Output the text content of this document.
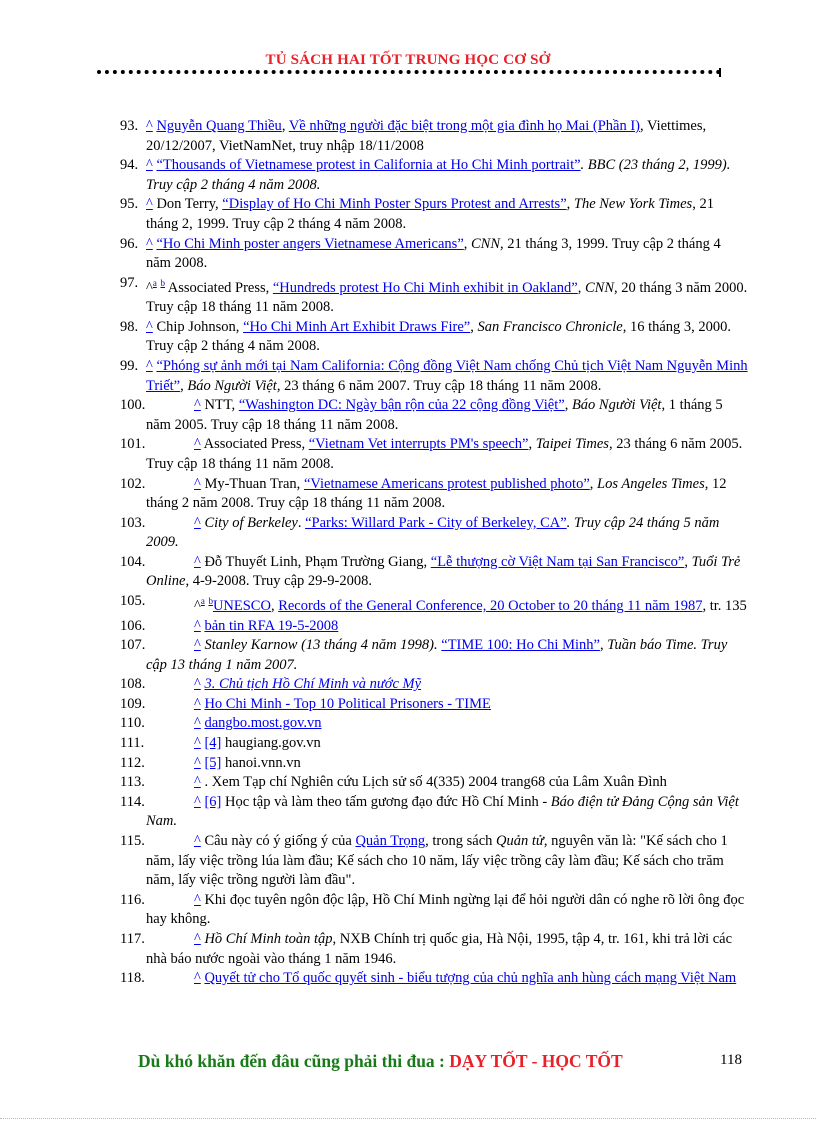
TỦ SÁCH HAI TỐT TRUNG HỌC CƠ SỞ
93. ^ Nguyễn Quang Thiều, Về những người đặc biệt trong một gia đình họ Mai (Phần I), Viettimes, 20/12/2007, VietNamNet, truy nhập 18/11/2008
94. ^ “Thousands of Vietnamese protest in California at Ho Chi Minh portrait”. BBC (23 tháng 2, 1999). Truy cập 2 tháng 4 năm 2008.
95. ^ Don Terry, “Display of Ho Chi Minh Poster Spurs Protest and Arrests”, The New York Times, 21 tháng 2, 1999. Truy cập 2 tháng 4 năm 2008.
96. ^ “Ho Chi Minh poster angers Vietnamese Americans”, CNN, 21 tháng 3, 1999. Truy cập 2 tháng 4 năm 2008.
97. ^$^a$ $^b$ Associated Press, “Hundreds protest Ho Chi Minh exhibit in Oakland”, CNN, 20 tháng 3 năm 2000. Truy cập 18 tháng 11 năm 2008.
98. ^ Chip Johnson, “Ho Chi Minh Art Exhibit Draws Fire”, San Francisco Chronicle, 16 tháng 3, 2000. Truy cập 2 tháng 4 năm 2008.
99. ^ “Phóng sự ảnh mới tại Nam California: Cộng đồng Việt Nam chống Chủ tịch Việt Nam Nguyễn Minh Triết”, Báo Người Việt, 23 tháng 6 năm 2007. Truy cập 18 tháng 11 năm 2008.
100.	^ NTT, “Washington DC: Ngày bận rộn của 22 cộng đồng Việt”, Báo Người Việt, 1 tháng 5 năm 2005. Truy cập 18 tháng 11 năm 2008.
101.	^ Associated Press, “Vietnam Vet interrupts PM's speech”, Taipei Times, 23 tháng 6 năm 2005. Truy cập 18 tháng 11 năm 2008.
102.	^ My-Thuan Tran, “Vietnamese Americans protest published photo”, Los Angeles Times, 12 tháng 2 năm 2008. Truy cập 18 tháng 11 năm 2008.
103.	^ City of Berkeley. “Parks: Willard Park - City of Berkeley, CA”. Truy cập 24 tháng 5 năm 2009.
104.	^ Đỗ Thuyết Linh, Phạm Trường Giang, “Lễ thượng cờ Việt Nam tại San Francisco”, Tuổi Trẻ Online, 4-9-2008. Truy cập 29-9-2008.
105.	^$^a$ $^b$UNESCO, Records of the General Conference, 20 October to 20 tháng 11 năm 1987, tr. 135
106.	^ bản tin RFA 19-5-2008
107.	^ Stanley Karnow (13 tháng 4 năm 1998). “TIME 100: Ho Chi Minh”, Tuần báo Time. Truy cập 13 tháng 1 năm 2007.
108.	^ 3. Chủ tịch Hồ Chí Minh và nước Mỹ
109.	^ Ho Chi Minh - Top 10 Political Prisoners - TIME
110.	^ dangbo.most.gov.vn
111.	^ [4] haugiang.gov.vn
112.	^ [5] hanoi.vnn.vn
113.	^ . Xem Tạp chí Nghiên cứu Lịch sử số 4(335) 2004 trang68 của Lâm Xuân Đình
114.	^ [6] Học tập và làm theo tấm gương đạo đức Hồ Chí Minh - Báo điện tử Đảng Cộng sản Việt Nam.
115.	^ Câu này có ý giống ý của Quản Trọng, trong sách Quản tử, nguyên văn là: "Kế sách cho 1 năm, lấy việc trồng lúa làm đầu; Kế sách cho 10 năm, lấy việc trồng cây làm đầu; Kế sách cho trăm năm, lấy việc trồng người làm đầu".
116.	^ Khi đọc tuyên ngôn độc lập, Hồ Chí Minh ngừng lại để hỏi người dân có nghe rõ lời ông đọc hay không.
117.	^ Hồ Chí Minh toàn tập, NXB Chính trị quốc gia, Hà Nội, 1995, tập 4, tr. 161, khi trả lời các nhà báo nước ngoài vào tháng 1 năm 1946.
118.	^ Quyết tử cho Tổ quốc quyết sinh - biểu tượng của chủ nghĩa anh hùng cách mạng Việt Nam
Dù khó khăn đến đâu cũng phải thi đua : DẠY TỐT - HỌC TỐT	118
